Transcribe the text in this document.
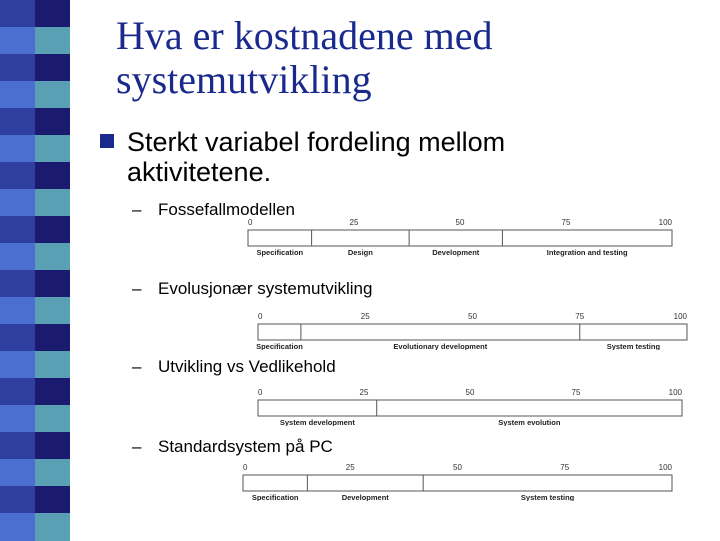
Hva er kostnadene med
systemutvikling
Sterkt variabel fordeling mellom aktivitetene.
– Fossefallmodellen
0	25	50	75	100
Specification	Design	Development	Integration and testing
– Evolusjonær systemutvikling
0	25	50	75	100
Specification	Evolutionary development	System testing
– Utvikling vs Vedlikehold
0	25	50	75	100
System development	System evolution
– Standardsystem på PC
0	25	50	75	100
Specification	Development	System testing
